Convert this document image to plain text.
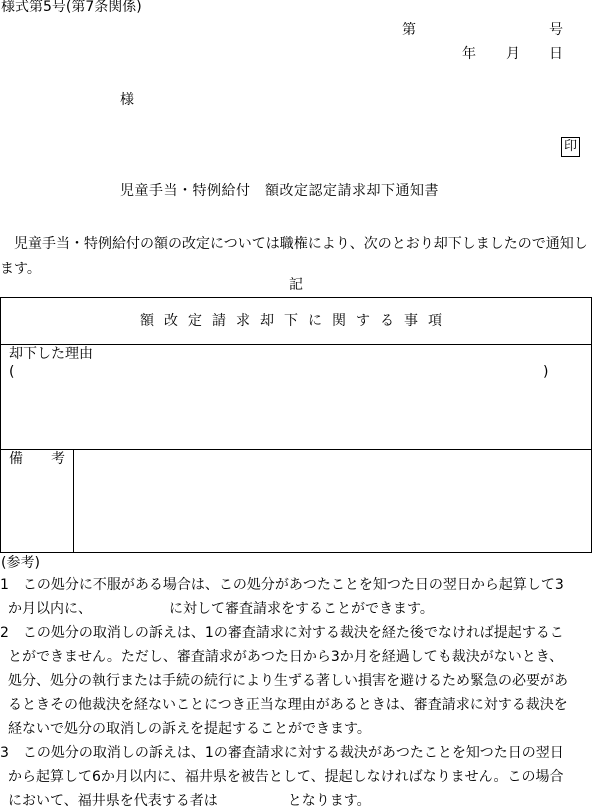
様式第5号(第7条関係)
第	号
年 月 日
様
印
児童手当・特例給付　額改定認定請求却下通知書
児童手当・特例給付の額の改定については職権により、次のとおり却下しましたので通知します。
記
額改定請求却下に関する事項
却下した理由
(	)
備　　考
(参考)
1　この処分に不服がある場合は、この処分があつたことを知つた日の翌日から起算して3
か月以内に、　　　　　　に対して審査請求をすることができます。
2　この処分の取消しの訴えは、1の審査請求に対する裁決を経た後でなければ提起するこ
とができません。ただし、審査請求があつた日から3か月を経過しても裁決がないとき、
処分、処分の執行または手続の続行により生ずる著しい損害を避けるため緊急の必要があ
るときその他裁決を経ないことにつき正当な理由があるときは、審査請求に対する裁決を
経ないで処分の取消しの訴えを提起することができます。
3　この処分の取消しの訴えは、1の審査請求に対する裁決があつたことを知つた日の翌日
から起算して6か月以内に、福井県を被告として、提起しなければなりません。この場合
において、福井県を代表する者は　　　　　となります。
